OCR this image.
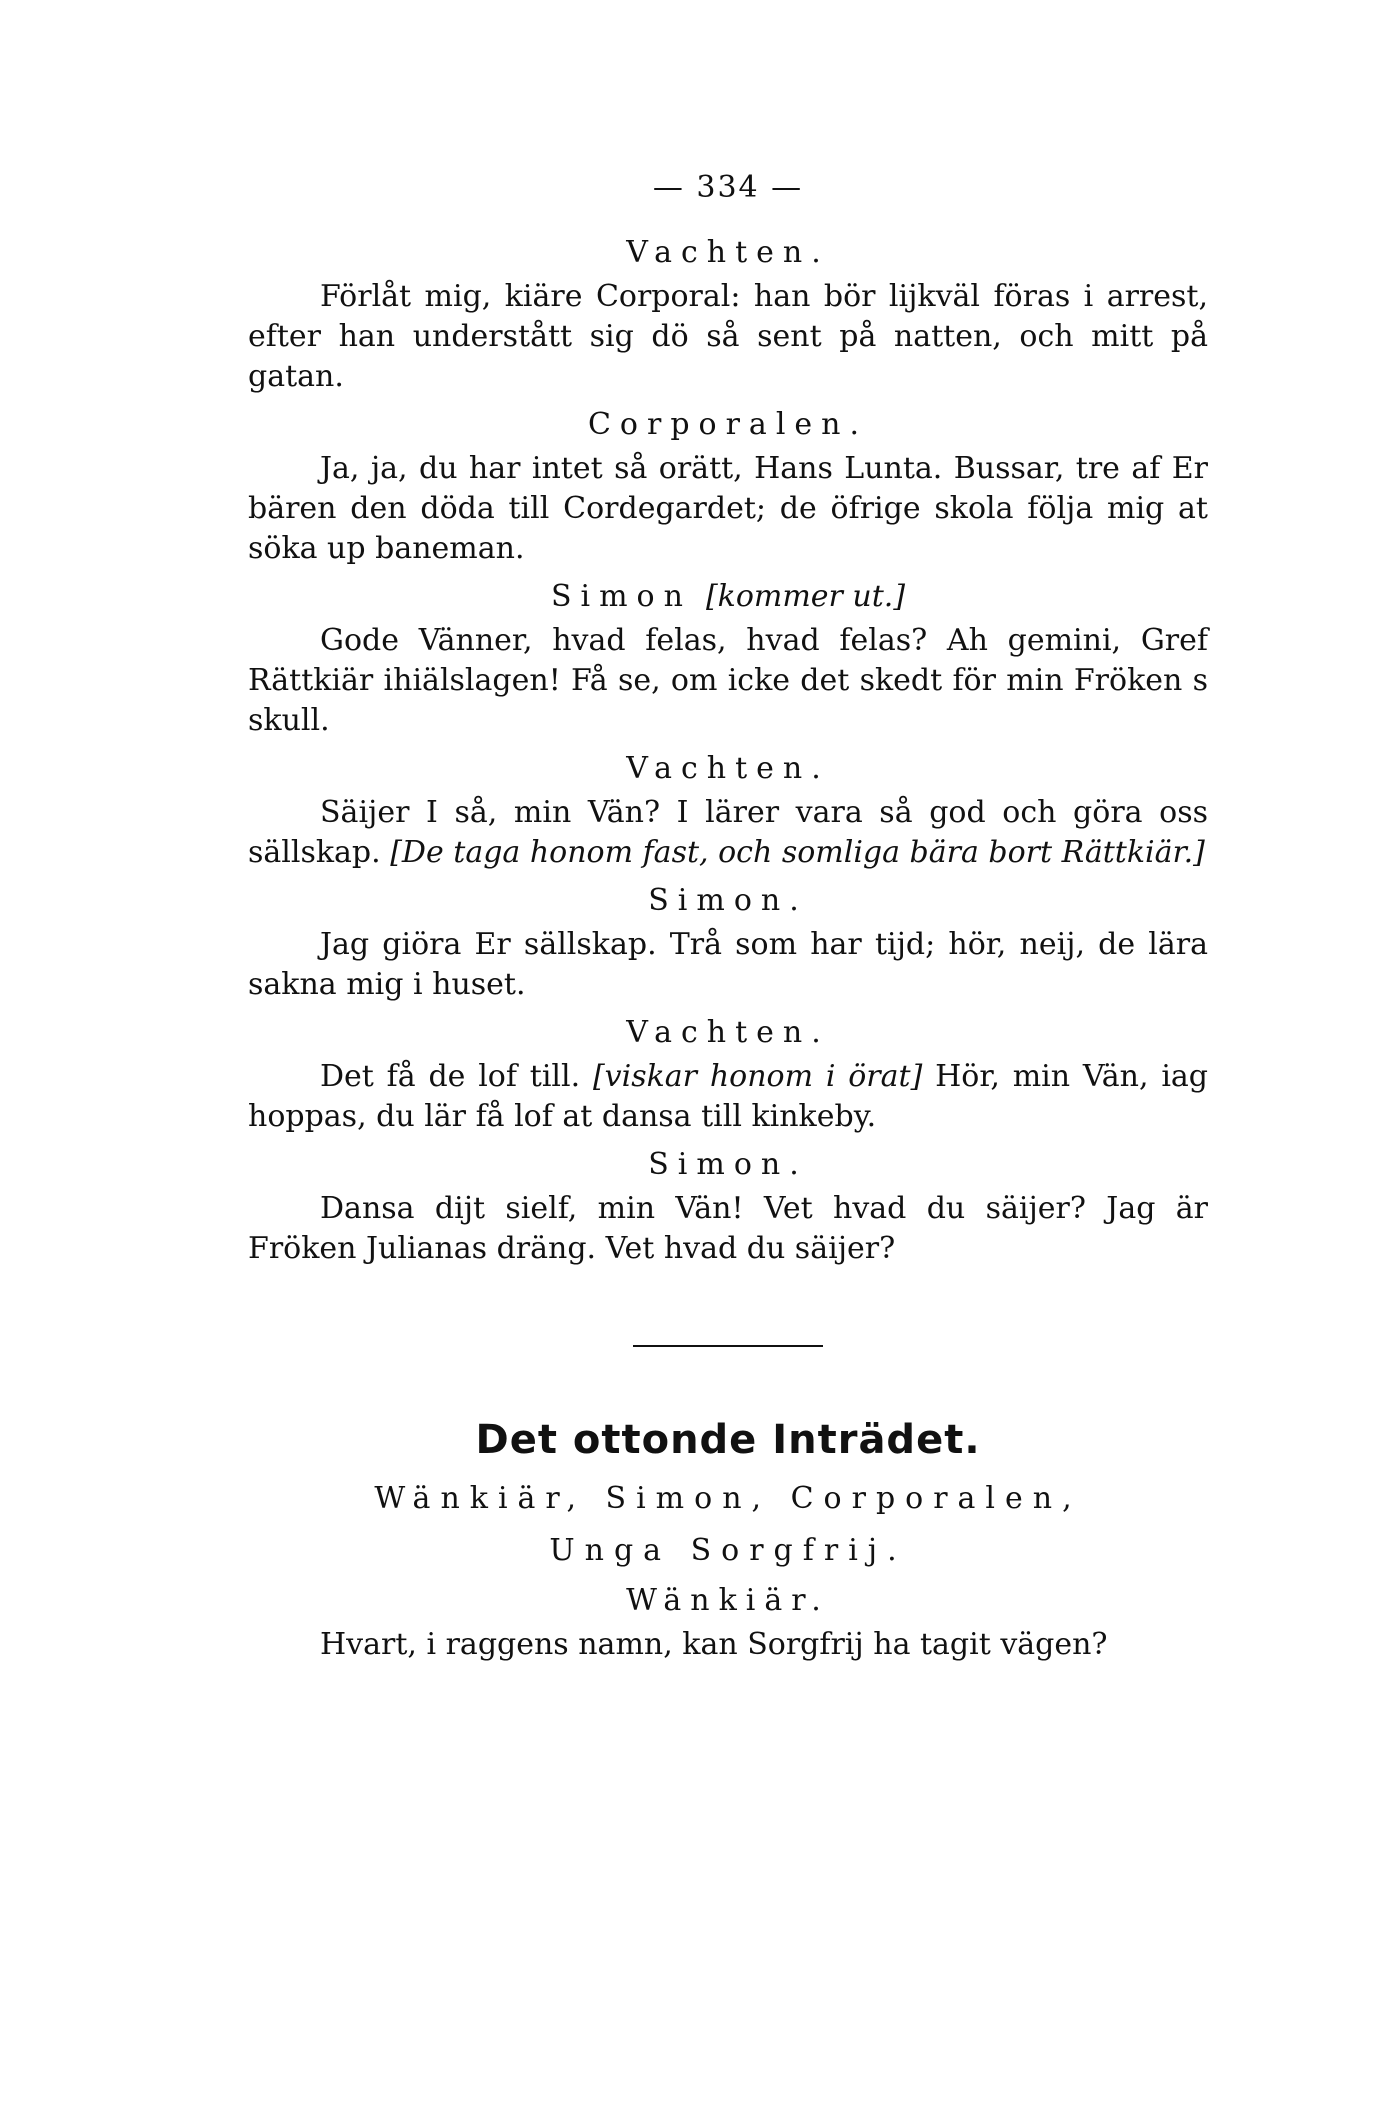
— 334 —
Vachten.

Förlåt mig, kiäre Corporal: han bör lijkväl föras i arrest, efter han understått sig dö så sent på natten, och mitt på gatan.

Corporalen.

Ja, ja, du har intet så orätt, Hans Lunta. Bussar, tre af Er bären den döda till Cordegardet; de öfrige skola följa mig at söka up baneman.

Simon [kommer ut.]

Gode Vänner, hvad felas, hvad felas? Ah gemini, Gref Rättkiär ihiälslagen! Få se, om icke det skedt för min Fröken s skull.

Vachten.

Säijer I så, min Vän? I lärer vara så god och göra oss sällskap. [De taga honom fast, och somliga bära bort Rättkiär.]

Simon.

Jag giöra Er sällskap. Trå som har tijd; hör, neij, de lära sakna mig i huset.

Vachten.

Det få de lof till. [viskar honom i örat] Hör, min Vän, iag hoppas, du lär få lof at dansa till kinkeby.

Simon.

Dansa dijt sielf, min Vän! Vet hvad du säijer? Jag är Fröken Julianas dräng. Vet hvad du säijer?

Det ottonde Inträdet.
Wänkiär, Simon, Corporalen,
Unga Sorgfrij.
Wänkiär.

Hvart, i raggens namn, kan Sorgfrij ha tagit vägen?
